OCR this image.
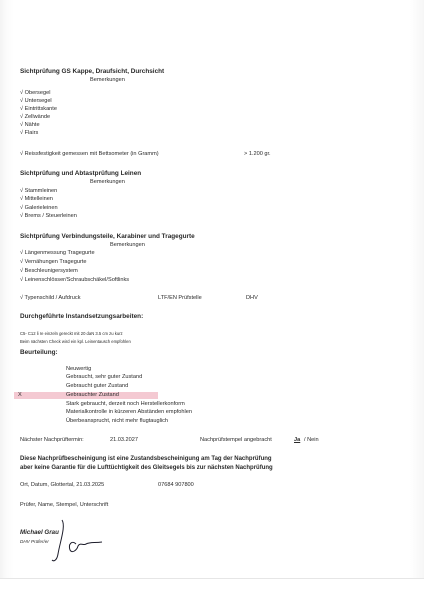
Sichtprüfung GS Kappe, Draufsicht, Durchsicht
Bemerkungen
√ Obersegel
√ Untersegel
√ Eintrittskante
√ Zellwände
√ Nähte
√ Flairs
√ Reissfestigkeit gemessen mit Bettsometer (in Gramm)	> 1.200 gr.
Sichtprüfung und Abtastprüfung Leinen
Bemerkungen
√ Stammleinen
√ Mittelleinen
√ Galerieleinen
√ Brems / Steuerleinen
Sichtprüfung Verbindungsteile, Karabiner und Tragegurte
Bemerkungen
√ Längenmessung Tragegurte
√ Vernähungen Tragegurte
√ Beschleunigersystem
√ Leinenschlösser/Schraubschäkel/Softlinks
√ Typenschild / Aufdruck	LTF/EN Prüfstelle	DHV
Durchgeführte Instandsetzungsarbeiten:
C5- C12 li re einzeln gereckt mit 20 daN 3.5 cm zu kurz
Beim nächsten Check wird ein kpl. Leinentausch empfohlen
Beurteilung:
Neuwertig
Gebraucht, sehr guter Zustand
Gebraucht guter Zustand
X	Gebrauchter Zustand
Stark gebraucht, derzeit noch Herstellerkonform
Materialkontrolle in kürzeren Abständen empfohlen
Überbeansprucht, nicht mehr flugtauglich
Nächster Nachprüftermin:	21.03.2027	Nachprüfstempel angebracht	Ja / Nein
Diese Nachprüfbescheinigung ist eine Zustandsbescheinigung am Tag der Nachprüfung
aber keine Garantie für die Lufttüchtigkeit des Gleitsegels bis zur nächsten Nachprüfung
Ort, Datum, Glottertal, 21.03.2025	07684 907800
Prüfer, Name, Stempel, Unterschrift
Michael Grau
DHV Prüfer/er
